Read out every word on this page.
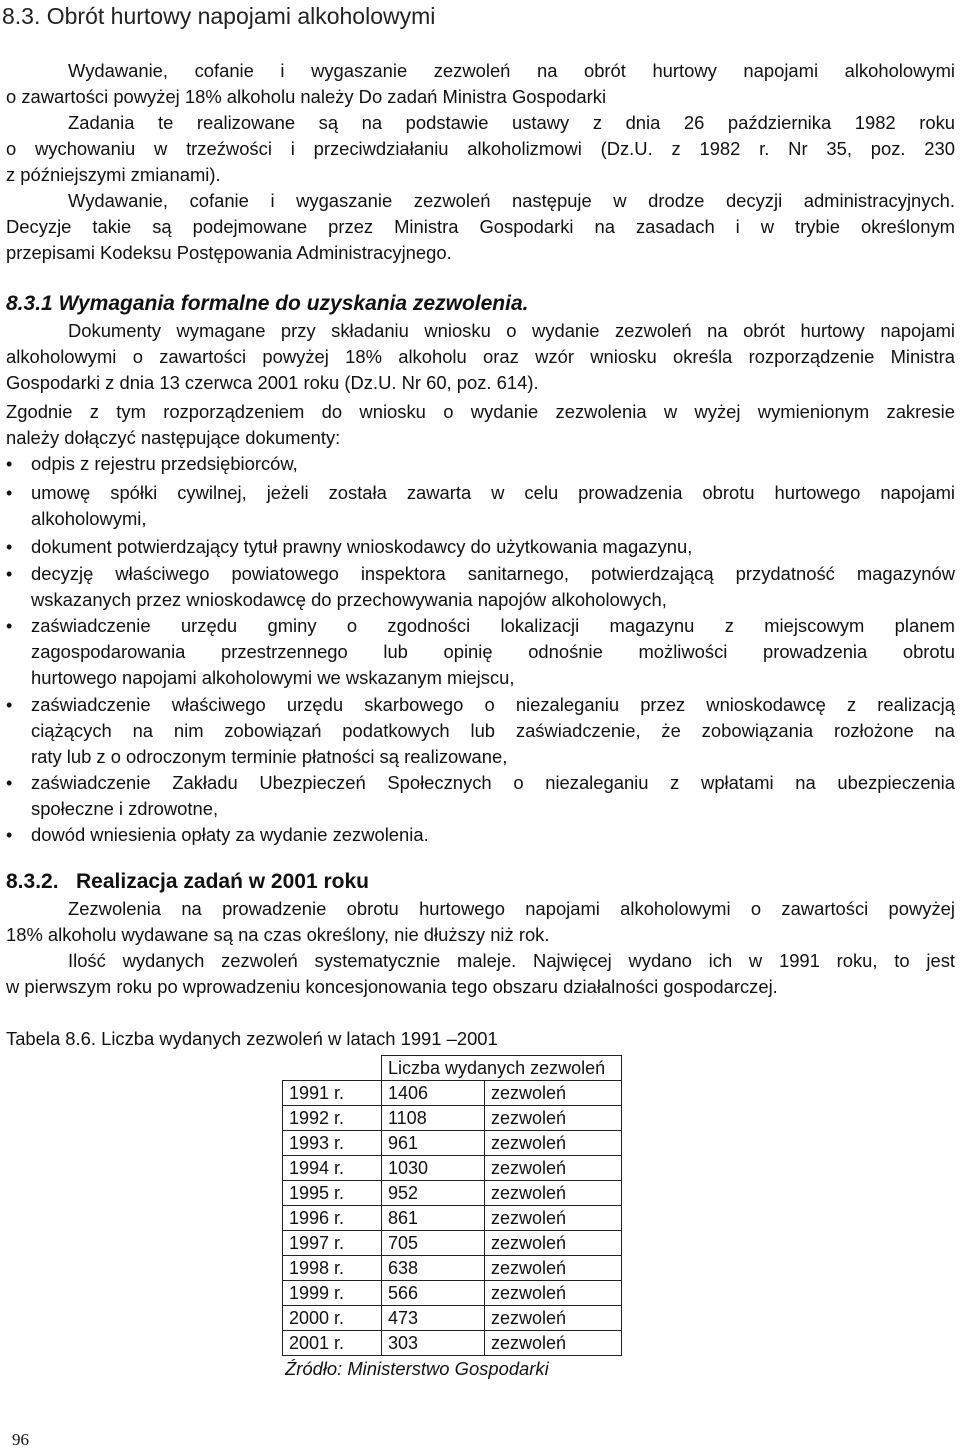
8.3. Obrót hurtowy napojami alkoholowymi
Wydawanie, cofanie i wygaszanie zezwoleń na obrót hurtowy napojami alkoholowymi
o zawartości powyżej 18% alkoholu należy Do zadań Ministra Gospodarki
Zadania te realizowane są na podstawie ustawy z dnia 26 października 1982 roku
o wychowaniu w trzeźwości i przeciwdziałaniu alkoholizmowi (Dz.U. z 1982 r. Nr 35, poz. 230
z późniejszymi zmianami).
Wydawanie, cofanie i wygaszanie zezwoleń następuje w drodze decyzji administracyjnych.
Decyzje takie są podejmowane przez Ministra Gospodarki na zasadach i w trybie określonym
przepisami Kodeksu Postępowania Administracyjnego.
8.3.1 Wymagania formalne do uzyskania zezwolenia.
Dokumenty wymagane przy składaniu wniosku o wydanie zezwoleń na obrót hurtowy napojami
alkoholowymi o zawartości powyżej 18% alkoholu oraz wzór wniosku określa rozporządzenie Ministra
Gospodarki z dnia 13 czerwca 2001 roku (Dz.U. Nr 60, poz. 614).
Zgodnie z tym rozporządzeniem do wniosku o wydanie zezwolenia w wyżej wymienionym zakresie
należy dołączyć następujące dokumenty:
• odpis z rejestru przedsiębiorców,
• umowę spółki cywilnej, jeżeli została zawarta w celu prowadzenia obrotu hurtowego napojami
alkoholowymi,
• dokument potwierdzający tytuł prawny wnioskodawcy do użytkowania magazynu,
• decyzję właściwego powiatowego inspektora sanitarnego, potwierdzającą przydatność magazynów
wskazanych przez wnioskodawcę do przechowywania napojów alkoholowych,
• zaświadczenie urzędu gminy o zgodności lokalizacji magazynu z miejscowym planem
zagospodarowania przestrzennego lub opinię odnośnie możliwości prowadzenia obrotu
hurtowego napojami alkoholowymi we wskazanym miejscu,
• zaświadczenie właściwego urzędu skarbowego o niezaleganiu przez wnioskodawcę z realizacją
ciążących na nim zobowiązań podatkowych lub zaświadczenie, że zobowiązania rozłożone na
raty lub z o odroczonym terminie płatności są realizowane,
• zaświadczenie Zakładu Ubezpieczeń Społecznych o niezaleganiu z wpłatami na ubezpieczenia
społeczne i zdrowotne,
• dowód wniesienia opłaty za wydanie zezwolenia.
8.3.2. Realizacja zadań w 2001 roku
Zezwolenia na prowadzenie obrotu hurtowego napojami alkoholowymi o zawartości powyżej
18% alkoholu wydawane są na czas określony, nie dłuższy niż rok.
Ilość wydanych zezwoleń systematycznie maleje. Najwięcej wydano ich w 1991 roku, to jest
w pierwszym roku po wprowadzeniu koncesjonowania tego obszaru działalności gospodarczej.
Tabela 8.6. Liczba wydanych zezwoleń w latach 1991 –2001
	Liczba wydanych zezwoleń	
1991 r.	1406	zezwoleń
1992 r.	1108	zezwoleń
1993 r.	961	zezwoleń
1994 r.	1030	zezwoleń
1995 r.	952	zezwoleń
1996 r.	861	zezwoleń
1997 r.	705	zezwoleń
1998 r.	638	zezwoleń
1999 r.	566	zezwoleń
2000 r.	473	zezwoleń
2001 r.	303	zezwoleń
Źródło: Ministerstwo Gospodarki
96
